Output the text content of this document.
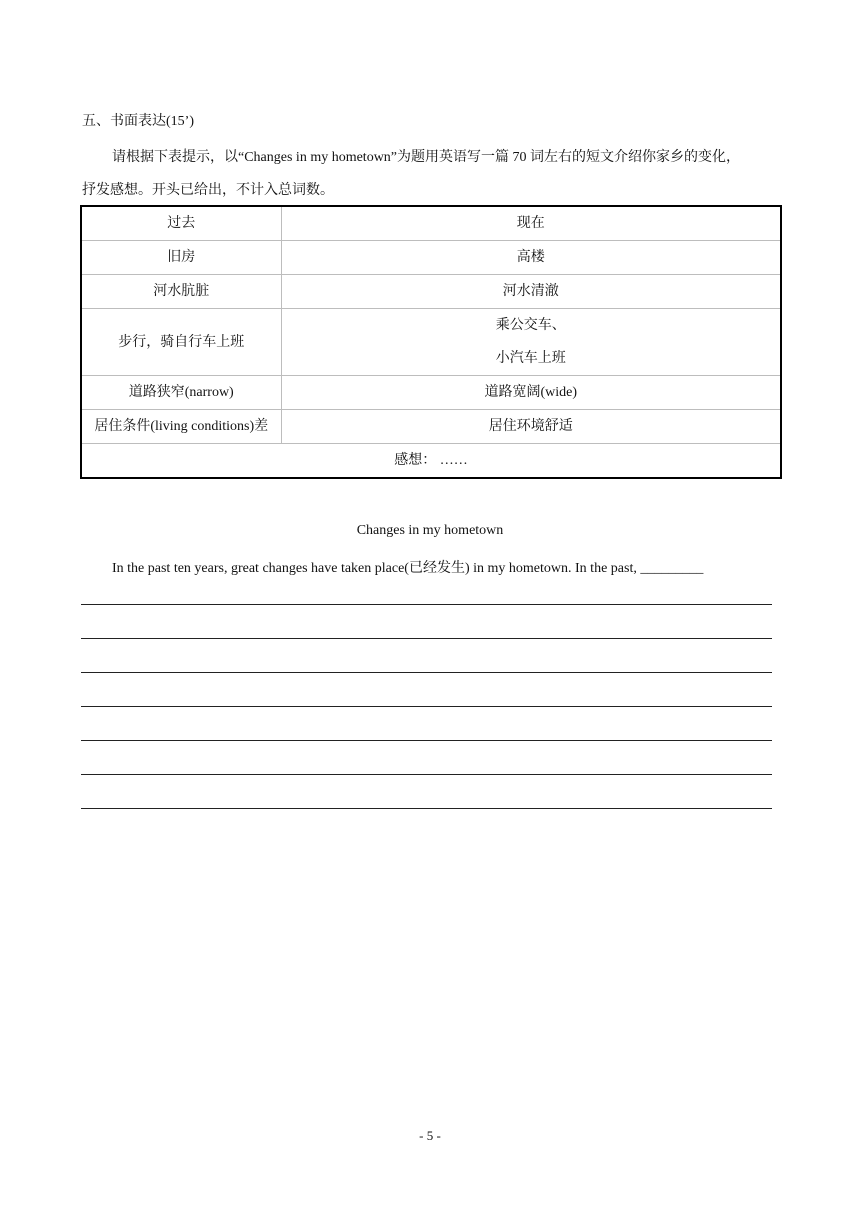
五、书面表达(15’)
请根据下表提示，以“Changes in my hometown”为题用英语写一篇 70 词左右的短文介绍你家乡的变化，
抒发感想。开头已给出，不计入总词数。
过去	现在
旧房	高楼
河水肮脏	河水清澈
步行，骑自行车上班	乘公交车、
小汽车上班

道路狭窄(narrow)	道路宽阔(wide)
居住条件(living conditions)差	居住环境舒适
感想： ……	
Changes in my hometown
In the past ten years, great changes have taken place(已经发生) in my hometown. In the past, _________
- 5 -
